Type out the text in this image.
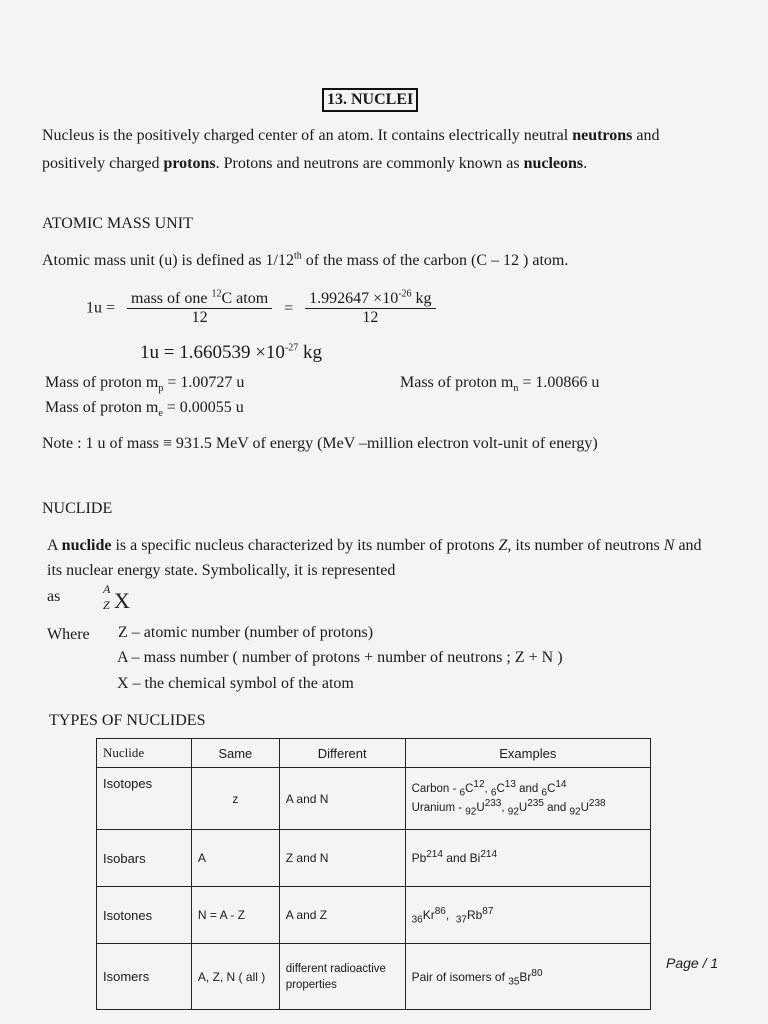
13. NUCLEI
Nucleus is the positively charged center of an atom. It contains electrically neutral neutrons and positively charged protons. Protons and neutrons are commonly known as nucleons.
ATOMIC MASS UNIT
Atomic mass unit (u) is defined as 1/12th of the mass of the carbon (C – 12 ) atom.
$1u = \frac{mass of one ^{12}C atom}{12} = \frac{1.992647 \times 10^{-26} kg}{12}$
$1u = 1.660539 \times 10^{-27}$ kg
Mass of proton $m_p = 1.00727$ u	Mass of proton $m_n = 1.00866$ u
Mass of proton $m_e = 0.00055$ u
Note : 1 u of mass ≡ 931.5 MeV of energy (MeV –million electron volt-unit of energy)
NUCLIDE
A nuclide is a specific nucleus characterized by its number of protons Z, its number of neutrons N and its nuclear energy state. Symbolically, it is represented
as	A
Z X
Where Z – atomic number (number of protons)
A – mass number ( number of protons + number of neutrons ; Z + N )
X – the chemical symbol of the atom
TYPES OF NUCLIDES
Nuclide	Same	Different	Examples
Isotopes	z	A and N	Carbon - $_6C^{12}$, $_6C^{13}$ and $_6C^{14}$
Uranium - $_{92}U^{233}$, $_{92}U^{235}$ and $_{92}U^{238}$

Isobars	A	Z and N	Pb$^{214}$ and Bi$^{214}$
Isotones	N = A - Z	A and Z	$_{36}Kr^{86}$,  $_{37}Rb^{87}$
Isomers	A, Z, N ( all )	different radioactive properties	Pair of isomers of $_{35}Br^{80}$
Page / 1
